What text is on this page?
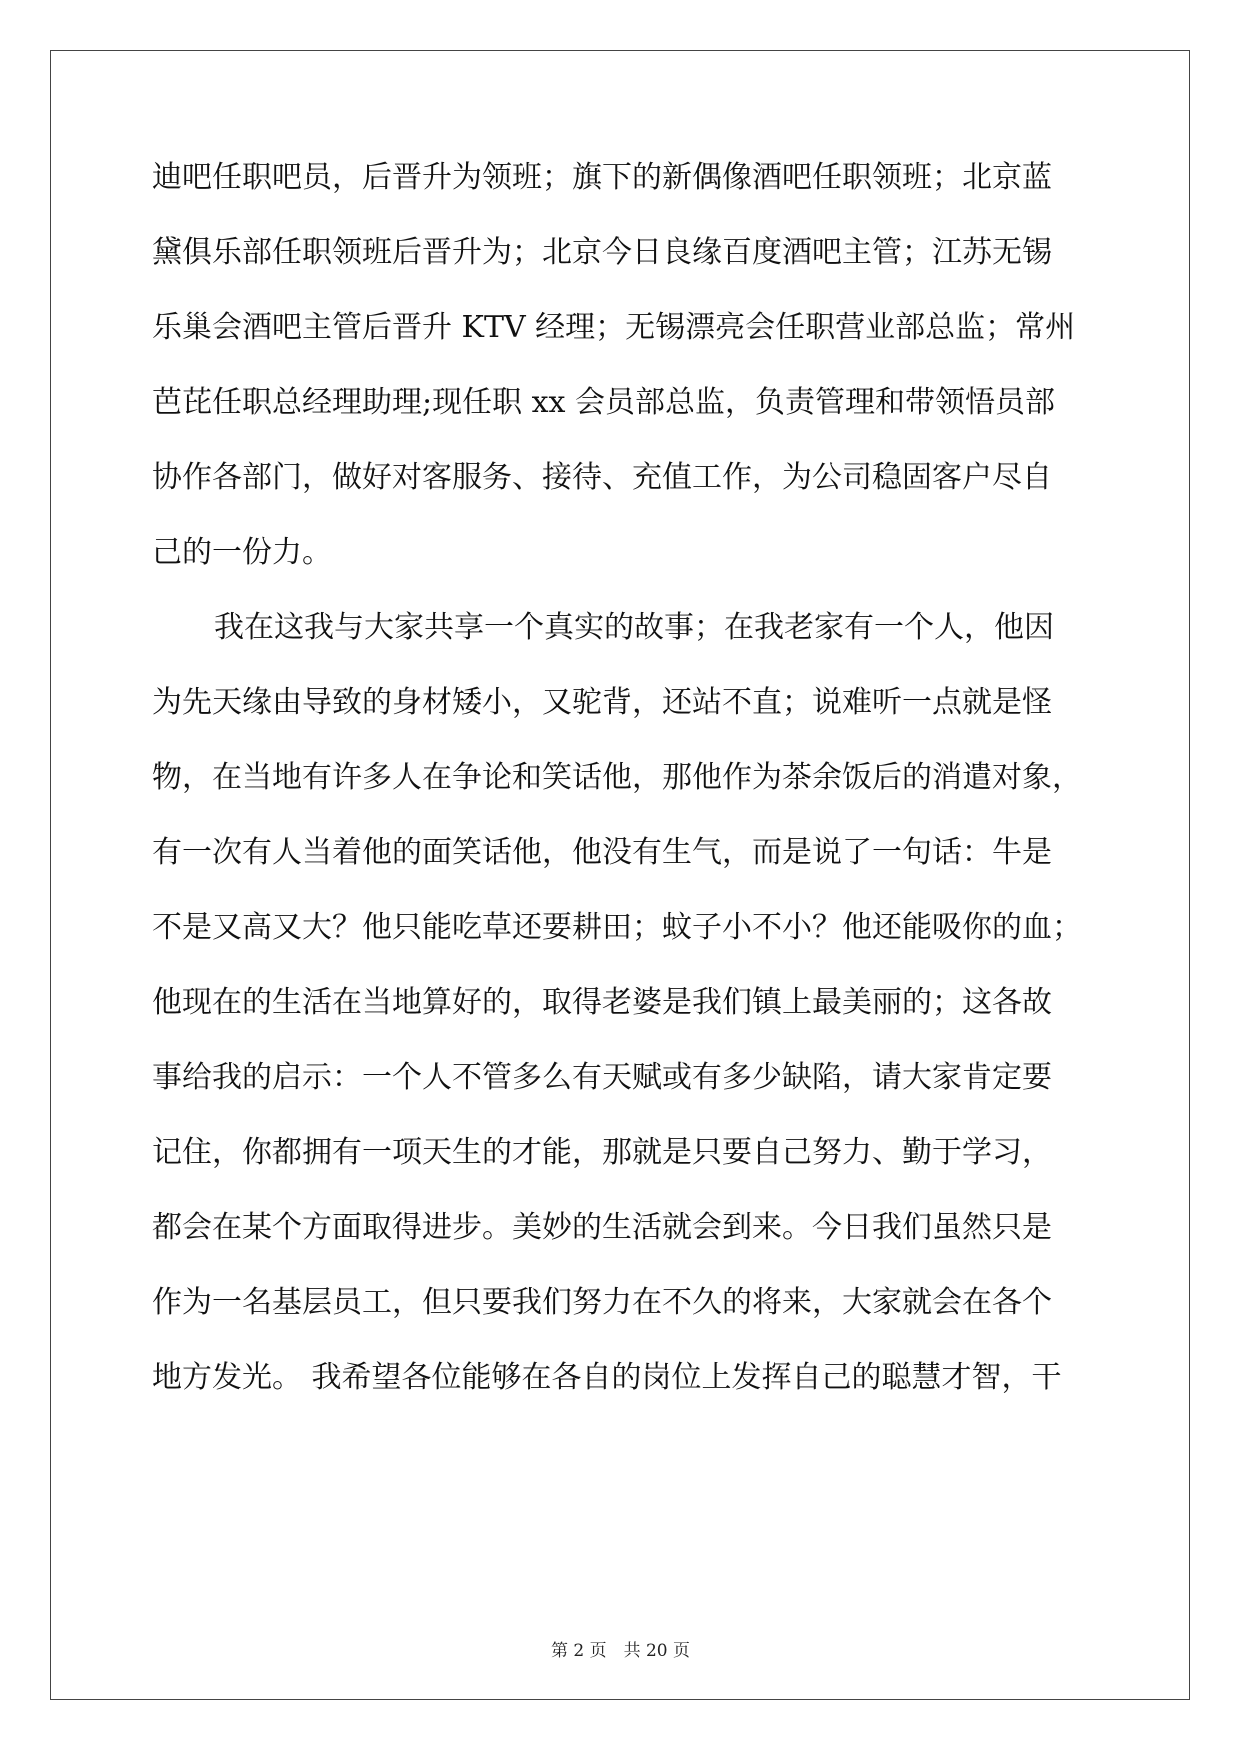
迪吧任职吧员，后晋升为领班；旗下的新偶像酒吧任职领班；北京蓝
黛俱乐部任职领班后晋升为；北京今日良缘百度酒吧主管；江苏无锡
乐巢会酒吧主管后晋升 KTV 经理；无锡漂亮会任职营业部总监；常州
芭芘任职总经理助理;现任职 xx 会员部总监，负责管理和带领悟员部
协作各部门，做好对客服务、接待、充值工作，为公司稳固客户尽自
己的一份力。
我在这我与大家共享一个真实的故事；在我老家有一个人，他因
为先天缘由导致的身材矮小，又驼背，还站不直；说难听一点就是怪
物，在当地有许多人在争论和笑话他，那他作为茶余饭后的消遣对象，
有一次有人当着他的面笑话他，他没有生气，而是说了一句话：牛是
不是又高又大？他只能吃草还要耕田；蚊子小不小？他还能吸你的血；
他现在的生活在当地算好的，取得老婆是我们镇上最美丽的；这各故
事给我的启示：一个人不管多么有天赋或有多少缺陷，请大家肯定要
记住，你都拥有一项天生的才能，那就是只要自己努力、勤于学习，
都会在某个方面取得进步。美妙的生活就会到来。今日我们虽然只是
作为一名基层员工，但只要我们努力在不久的将来，大家就会在各个
地方发光。 我希望各位能够在各自的岗位上发挥自己的聪慧才智，干
第 2 页　共 20 页
